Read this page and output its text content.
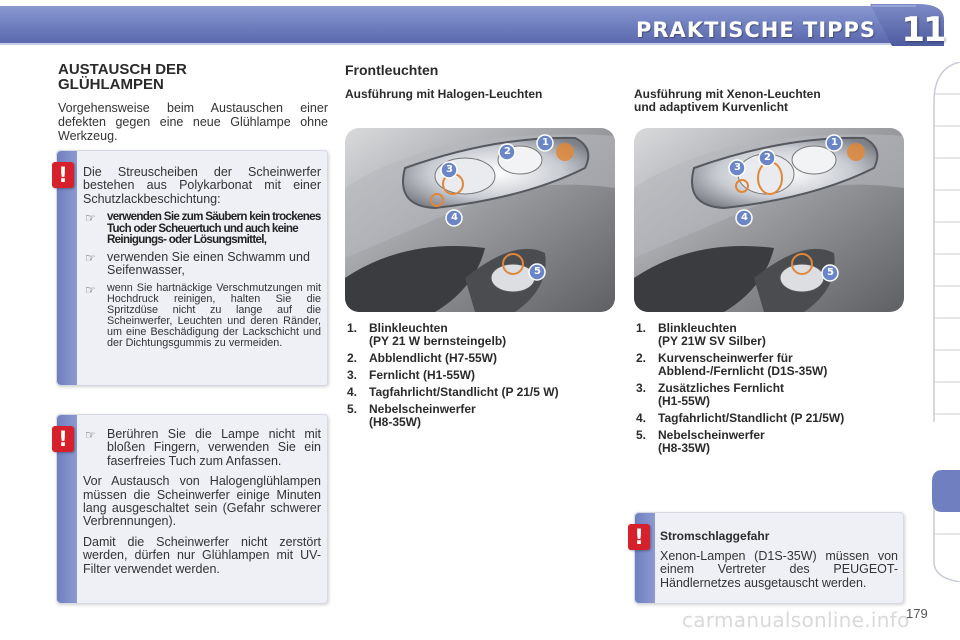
PRAKTISCHE TIPPS 11
AUSTAUSCH DER
GLÜHLAMPEN
Vorgehensweise beim Austauschen einer defekten gegen eine neue Glühlampe ohne Werkzeug.
!	Die Streuscheiben der Scheinwerfer bestehen aus Polykarbonat mit einer Schutzlackbeschichtung:
☞ verwenden Sie zum Säubern kein trockenes Tuch oder Scheuertuch und auch keine Reinigungs- oder Lösungsmittel,
☞ verwenden Sie einen Schwamm und Seifenwasser,
☞ wenn Sie hartnäckige Verschmutzungen mit Hochdruck reinigen, halten Sie die Spritzdüse nicht zu lange auf die Scheinwerfer, Leuchten und deren Ränder, um eine Beschädigung der Lackschicht und der Dichtungsgummis zu vermeiden.
!	☞ Berühren Sie die Lampe nicht mit bloßen Fingern, verwenden Sie ein faserfreies Tuch zum Anfassen.
Vor Austausch von Halogenglühlampen müssen die Scheinwerfer einige Minuten lang ausgeschaltet sein (Gefahr schwerer Verbrennungen).
Damit die Scheinwerfer nicht zerstört werden, dürfen nur Glühlampen mit UV-Filter verwendet werden.
Frontleuchten
Ausführung mit Halogen-Leuchten
1
2
3
4
5
1. Blinkleuchten
(PY 21 W bernsteingelb)
2. Abblendlicht (H7-55W)
3. Fernlicht (H1-55W)
4. Tagfahrlicht/Standlicht (P 21/5 W)
5. Nebelscheinwerfer
(H8-35W)
Ausführung mit Xenon-Leuchten
und adaptivem Kurvenlicht
1
2
3
4
5
1. Blinkleuchten
(PY 21W SV Silber)
2. Kurvenscheinwerfer für
Abblend-/Fernlicht (D1S-35W)
3. Zusätzliches Fernlicht
(H1-55W)
4. Tagfahrlicht/Standlicht (P 21/5W)
5. Nebelscheinwerfer
(H8-35W)
!	Stromschlaggefahr
Xenon-Lampen (D1S-35W) müssen von einem Vertreter des PEUGEOT-Händlernetzes ausgetauscht werden.
carmanualsonline.info
179
